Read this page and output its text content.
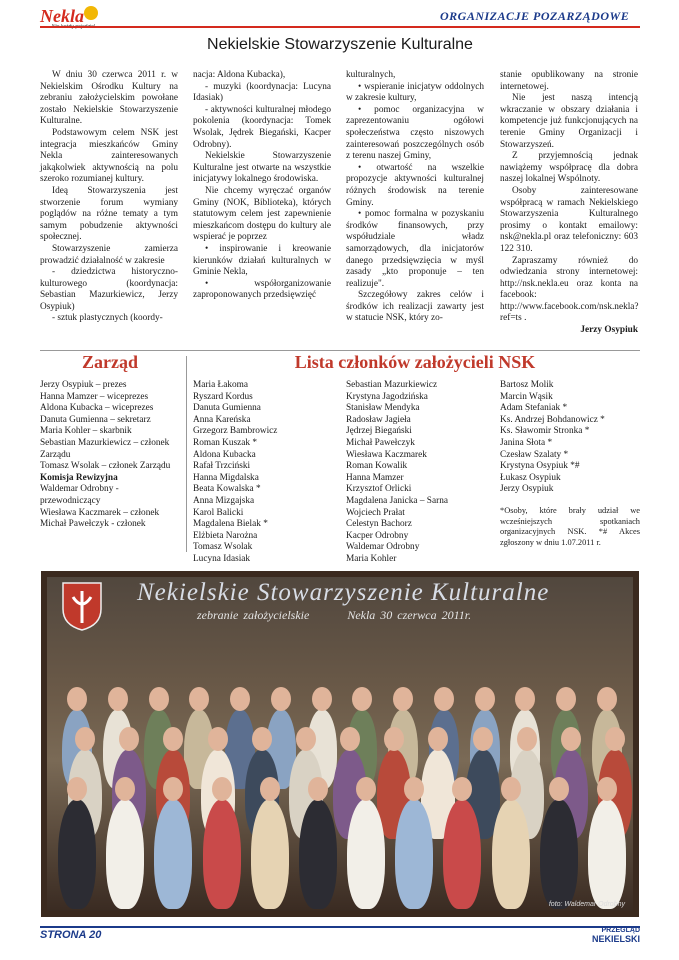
Nekla	ORGANIZACJE POZARZĄDOWE
Nekielskie Stowarzyszenie Kulturalne

W dniu 30 czerwca 2011 r. w Nekielskim Ośrodku Kultury na zebraniu założycielskim powołane zostało Nekielskie Stowarzyszenie Kulturalne.

Podstawowym celem NSK jest integracja mieszkańców Gminy Nekla zainteresowanych jakąkolwiek aktywnością na polu szeroko rozumianej kultury.

Ideą Stowarzyszenia jest stworzenie forum wymiany poglądów na różne tematy a tym samym pobudzenie aktywności społecznej.

Stowarzyszenie zamierza prowadzić działalność w zakresie

- dziedzictwa historyczno-kulturowego (koordynacja: Sebastian Mazurkiewicz, Jerzy Osypiuk)

- sztuk plastycznych (koordy-

nacja: Aldona Kubacka),

- muzyki (koordynacja: Lucyna Idasiak)

- aktywności kulturalnej młodego pokolenia (koordynacja: Tomek Wsolak, Jędrek Biegański, Kacper Odrobny).

Nekielskie Stowarzyszenie Kulturalne jest otwarte na wszystkie inicjatywy lokalnego środowiska.

Nie chcemy wyręczać organów Gminy (NOK, Biblioteka), których statutowym celem jest zapewnienie mieszkańcom dostępu do kultury ale wspierać je poprzez

• inspirowanie i kreowanie kierunków działań kulturalnych w Gminie Nekla,

• współorganizowanie zaproponowanych przedsięwzięć

kulturalnych,

• wspieranie inicjatyw oddolnych w zakresie kultury,

• pomoc organizacyjna w zaprezentowaniu ogółowi społeczeństwa często niszowych zainteresowań poszczególnych osób z terenu naszej Gminy,

• otwartość na wszelkie propozycje aktywności kulturalnej różnych środowisk na terenie Gminy.

• pomoc formalna w pozyskaniu środków finansowych, przy współudziale władz samorządowych, dla inicjatorów danego przedsięwzięcia w myśl zasady „kto proponuje – ten realizuje".

Szczegółowy zakres celów i środków ich realizacji zawarty jest w statucie NSK, który zo-

stanie opublikowany na stronie internetowej.

Nie jest naszą intencją wkraczanie w obszary działania i kompetencje już funkcjonujących na terenie Gminy Organizacji i Stowarzyszeń.

Z przyjemnością jednak nawiążemy współpracę dla dobra naszej lokalnej Wspólnoty.

Osoby zainteresowane współpracą w ramach Nekielskiego Stowarzyszenia Kulturalnego prosimy o kontakt emailowy: nsk@nekla.pl oraz telefoniczny: 603 122 310.

Zapraszamy również do odwiedzania strony internetowej: http://nsk.nekla.eu oraz konta na facebook: http://www.facebook.com/nsk.nekla?ref=ts .

Jerzy Osypiuk

Zarząd
Jerzy Osypiuk – prezes
Hanna Mamzer – wiceprezes
Aldona Kubacka – wiceprezes
Danuta Gumienna – sekretarz
Maria Kohler – skarbnik
Sebastian Mazurkiewicz – członek Zarządu
Tomasz Wsolak – członek Zarządu
Komisja Rewizyjna
Waldemar Odrobny - przewodniczący
Wiesława Kaczmarek – członek
Michał Pawełczyk - członek
Lista członków założycieli NSK
Maria Łakoma
Ryszard Kordus
Danuta Gumienna
Anna Kareńska
Grzegorz Bambrowicz
Roman Kuszak *
Aldona Kubacka
Rafał Trzciński
Hanna Migdalska
Beata Kowalska *
Anna Mizgajska
Karol Balicki
Magdalena Bielak *
Elżbieta Narożna
Tomasz Wsolak
Lucyna Idasiak
Sebastian Mazurkiewicz
Krystyna Jagodzińska
Stanisław Mendyka
Radosław Jagieła
Jędrzej Biegański
Michał Pawełczyk
Wiesława Kaczmarek
Roman Kowalik
Hanna Mamzer
Krzysztof Orlicki
Magdalena Janicka – Sarna
Wojciech Prałat
Celestyn Bachorz
Kacper Odrobny
Waldemar Odrobny
Maria Kohler
Bartosz Molik
Marcin Wąsik
Adam Stefaniak *
Ks. Andrzej Bohdanowicz *
Ks. Sławomir Stronka *
Janina Słota *
Czesław Szalaty *
Krystyna Osypiuk *#
Łukasz Osypiuk
Jerzy Osypiuk
*Osoby, które brały udział we wcześniejszych spotkaniach organizacyjnych NSK. *# Akces zgłoszony w dniu 1.07.2011 r.
Nekielskie Stowarzyszenie Kulturalne
zebranie założycielskie	Nekla 30 czerwca 2011r.
foto: Waldemar Odrobny
STRONA 20	PRZEGLĄD
NEKIELSKI
